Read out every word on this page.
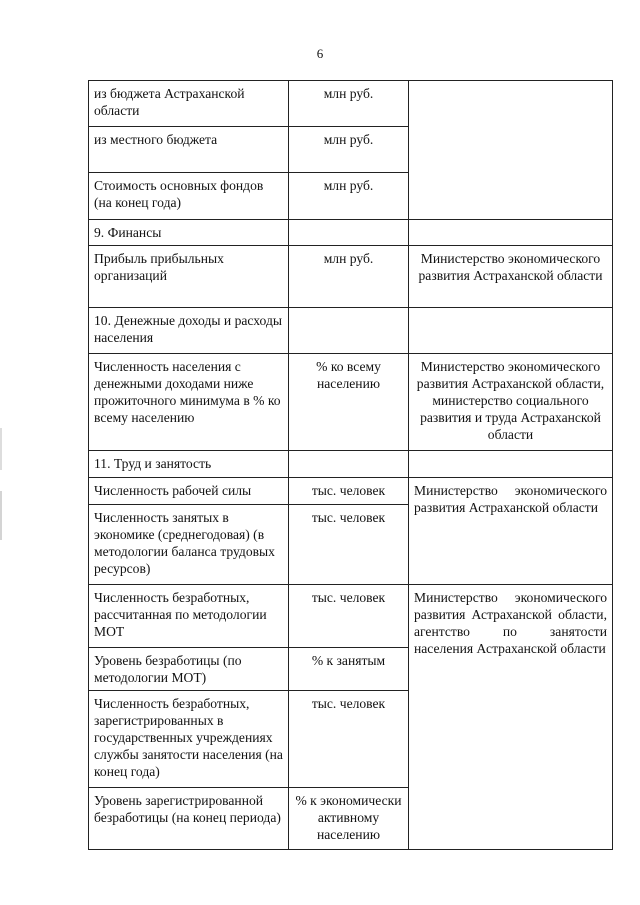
6
из бюджета Астраханской области	млн руб.	
из местного бюджета	млн руб.	
Стоимость основных фондов (на конец года)	млн руб.	
9. Финансы		
Прибыль прибыльных организаций	млн руб.	Министерство экономического развития Астраханской области
10. Денежные доходы и расходы населения		
Численность населения с денежными доходами ниже прожиточного минимума в % ко всему населению	% ко всему населению	Министерство экономического развития Астраханской области, министерство социального развития и труда Астраханской области
11. Труд и занятость		
Численность рабочей силы	тыс. человек	Министерство экономического развития Астраханской области
Численность занятых в экономике (среднегодовая) (в методологии баланса трудовых ресурсов)	тыс. человек	
Численность безработных, рассчитанная по методологии МОТ	тыс. человек	Министерство экономического развития Астраханской области, агентство по занятости населения Астраханской области
Уровень безработицы (по методологии МОТ)	% к занятым	
Численность безработных, зарегистрированных в государственных учреждениях службы занятости населения (на конец года)	тыс. человек	
Уровень зарегистрированной безработицы (на конец периода)	% к экономически активному населению	
